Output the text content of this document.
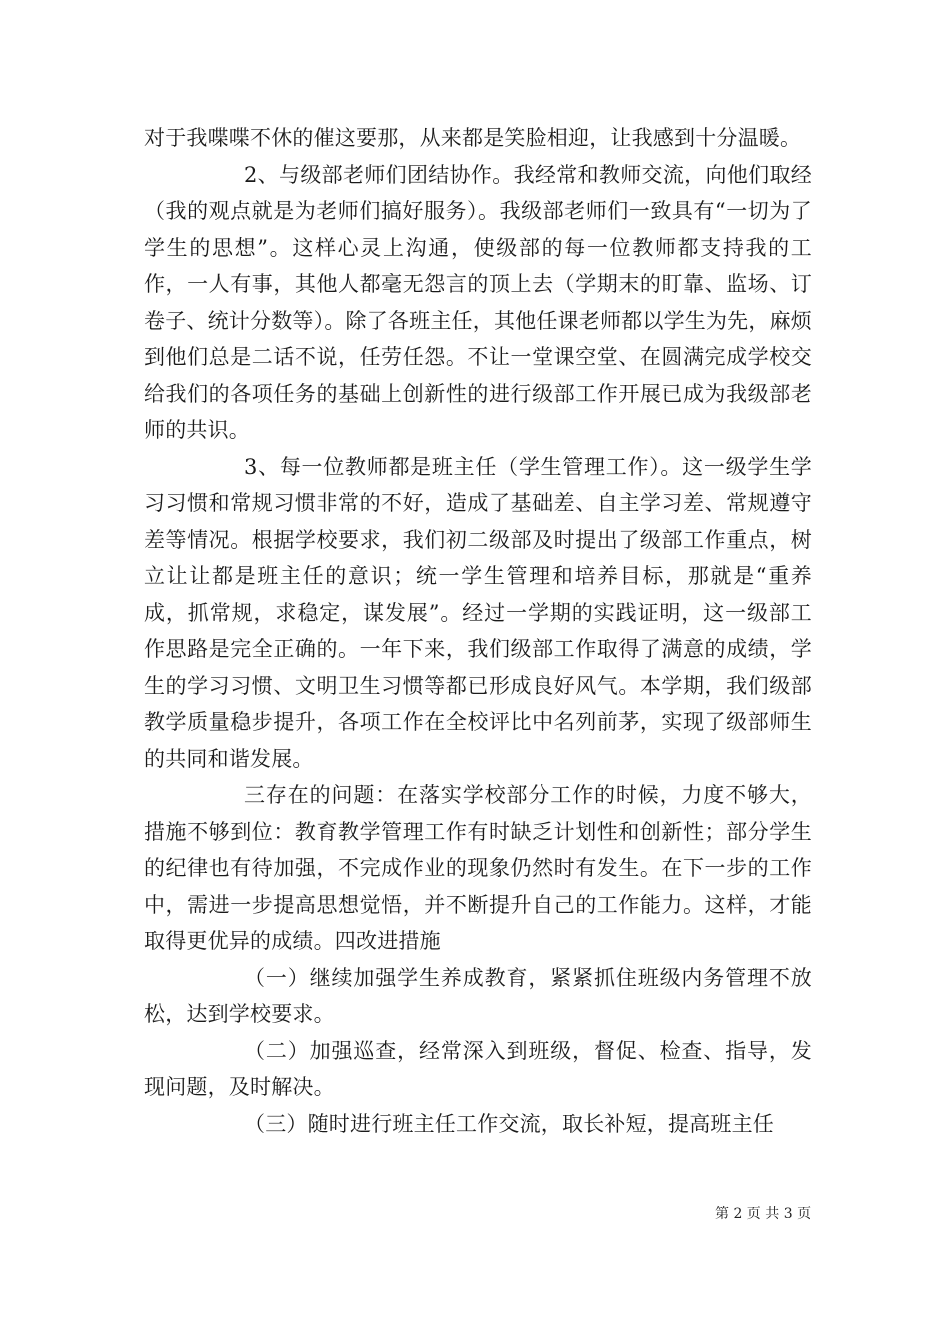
对于我喋喋不休的催这要那，从来都是笑脸相迎，让我感到十分温暖。

2、与级部老师们团结协作。我经常和教师交流，向他们取经（我的观点就是为老师们搞好服务）。我级部老师们一致具有“一切为了学生的思想”。这样心灵上沟通，使级部的每一位教师都支持我的工作，一人有事，其他人都毫无怨言的顶上去（学期末的盯靠、监场、订卷子、统计分数等）。除了各班主任，其他任课老师都以学生为先，麻烦到他们总是二话不说，任劳任怨。不让一堂课空堂、在圆满完成学校交给我们的各项任务的基础上创新性的进行级部工作开展已成为我级部老师的共识。

3、每一位教师都是班主任（学生管理工作）。这一级学生学习习惯和常规习惯非常的不好，造成了基础差、自主学习差、常规遵守差等情况。根据学校要求，我们初二级部及时提出了级部工作重点，树立让让都是班主任的意识；统一学生管理和培养目标，那就是“重养成，抓常规，求稳定，谋发展”。经过一学期的实践证明，这一级部工作思路是完全正确的。一年下来，我们级部工作取得了满意的成绩，学生的学习习惯、文明卫生习惯等都已形成良好风气。本学期，我们级部教学质量稳步提升，各项工作在全校评比中名列前茅，实现了级部师生的共同和谐发展。

三存在的问题：在落实学校部分工作的时候，力度不够大，措施不够到位：教育教学管理工作有时缺乏计划性和创新性；部分学生的纪律也有待加强，不完成作业的现象仍然时有发生。在下一步的工作中，需进一步提高思想觉悟，并不断提升自己的工作能力。这样，才能取得更优异的成绩。四改进措施

（一）继续加强学生养成教育，紧紧抓住班级内务管理不放松，达到学校要求。

（二）加强巡查，经常深入到班级，督促、检查、指导，发现问题，及时解决。

（三）随时进行班主任工作交流，取长补短，提高班主任

第 2 页 共 3 页
